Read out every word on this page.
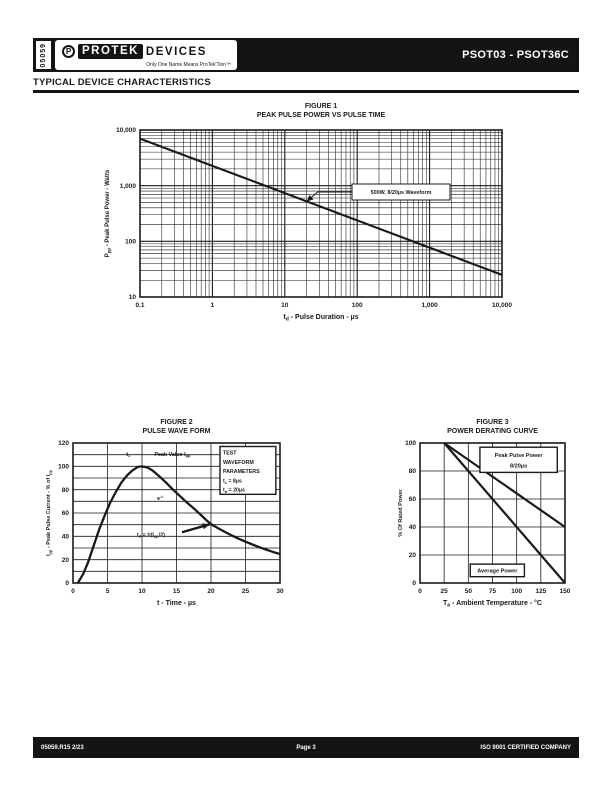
05059	P PROTEK DEVICES
Only One Name Means ProTek'Tion™
PSOT03 - PSOT36C
TYPICAL DEVICE CHARACTERISTICS
FIGURE 1
PEAK PULSE POWER VS PULSE TIME
0.1	1	10	100	1,000	10,000
10
100
1,000
10,000
td - Pulse Duration - µs
$P_{pp}$ - Peak Pulse Power - Watts	500W, 8/20µs Waveform
FIGURE 2
PULSE WAVE FORM
0	5	10	15	20	25	30
0
20
40
60
80
100
120
t - Time - µs
$I_{pp}$ - Peak Pulse Current - % of $I_{pp}$
$t_1$	Peak Value $I_{pp}$
$e^{-t}$
$t_d = t/(I_{pp}/2)$
TEST
WAVEFORM
PARAMETERS
$t_1 = 8\mu s$
$t_d = 20\mu s$
FIGURE 3
POWER DERATING CURVE
0	25	50	75 100 125 150
0
20
40
60
80
100
Ta - Ambient Temperature - °C
% Of Rated Power
Peak Pulse Power
8/20µs
Average Power
05059.R15 2/23	Page 3	ISO 9001 CERTIFIED COMPANY
